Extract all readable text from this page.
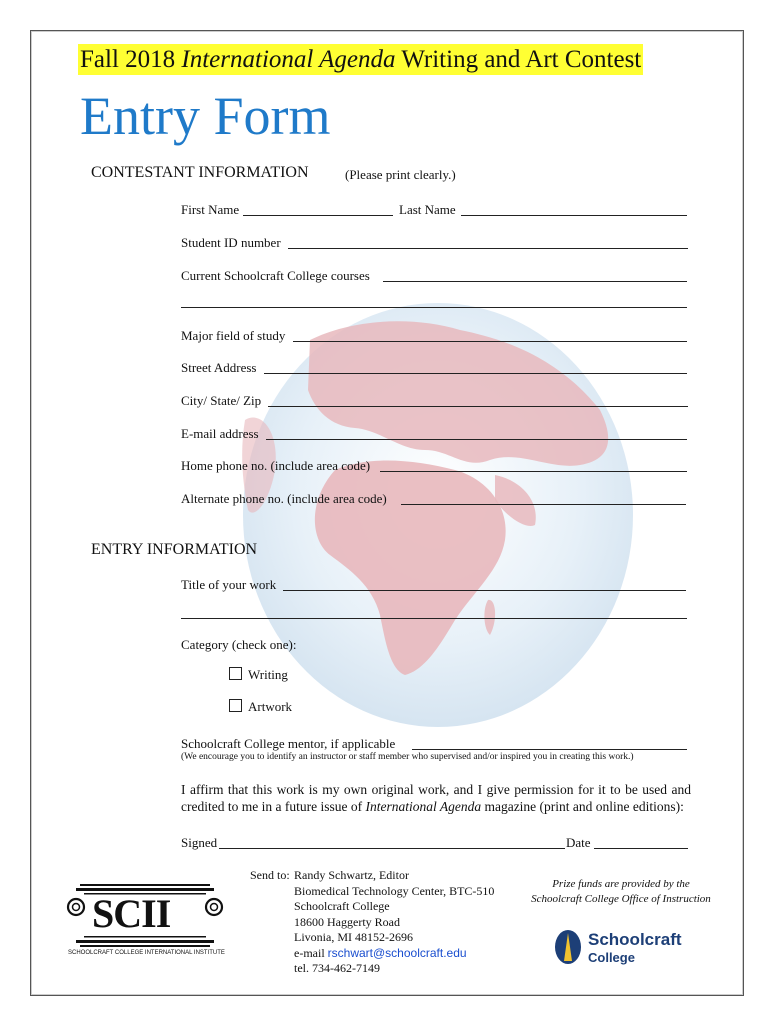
Fall 2018 International Agenda Writing and Art Contest
Entry Form
CONTESTANT INFORMATION	(Please print clearly.)
First Name	Last Name
Student ID number
Current Schoolcraft College courses
Major field of study
Street Address
City/ State/ Zip
E-mail address
Home phone no. (include area code)
Alternate phone no. (include area code)
ENTRY INFORMATION
Title of your work
Category (check one):
Writing
Artwork
Schoolcraft College mentor, if applicable
(We encourage you to identify an instructor or staff member who supervised and/or inspired you in creating this work.)
I affirm that this work is my own original work, and I give permission for it to be used and credited to me in a future issue of International Agenda magazine (print and online editions):
Signed	Date
SCII
SCHOOLCRAFT COLLEGE INTERNATIONAL INSTITUTE
Send to: Randy Schwartz, Editor
Biomedical Technology Center, BTC-510
Schoolcraft College
18600 Haggerty Road
Livonia, MI 48152-2696
e-mail rschwart@schoolcraft.edu
tel. 734-462-7149
Prize funds are provided by the
Schoolcraft College Office of Instruction
Schoolcraft
College
